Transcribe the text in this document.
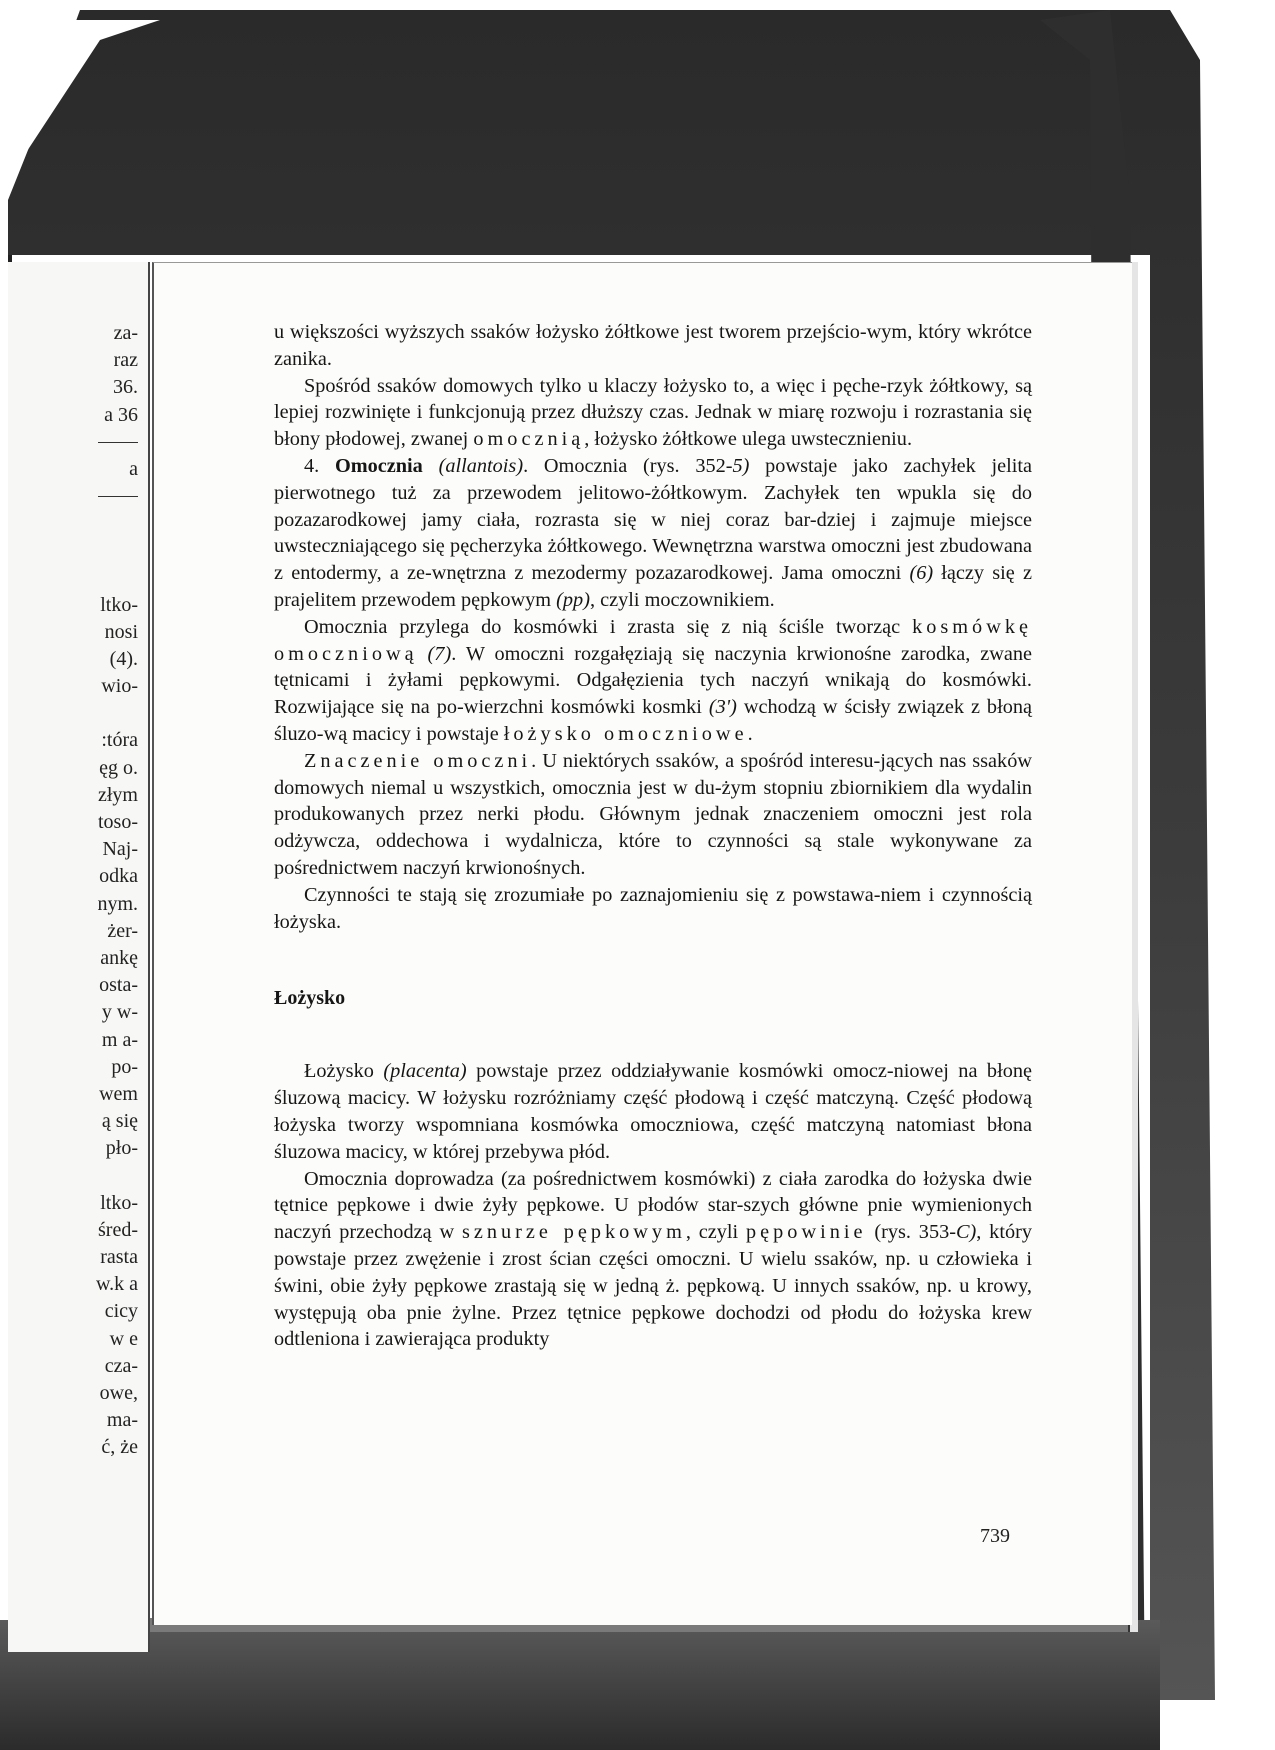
za-
raz
36.
a 36
a
ltko-
nosi
(4).
wio-
:tóra
ęg o.
złym
toso-
Naj-
odka
nym.
żer-
ankę
osta-
y w-
m a-
po-
wem
ą się
pło-
ltko-
śred-
rasta
w.k a
cicy
w e
cza-
owe,
ma-
ć, że

u większości wyższych ssaków łożysko żółtkowe jest tworem przejścio-wym, który wkrótce zanika.

Spośród ssaków domowych tylko u klaczy łożysko to, a więc i pęche-rzyk żółtkowy, są lepiej rozwinięte i funkcjonują przez dłuższy czas. Jednak w miarę rozwoju i rozrastania się błony płodowej, zwanej omocznią, łożysko żółtkowe ulega uwstecznieniu.

4. Omocznia (allantois). Omocznia (rys. 352-5) powstaje jako zachyłek jelita pierwotnego tuż za przewodem jelitowo-żółtkowym. Zachyłek ten wpukla się do pozazarodkowej jamy ciała, rozrasta się w niej coraz bar-dziej i zajmuje miejsce uwsteczniającego się pęcherzyka żółtkowego. Wewnętrzna warstwa omoczni jest zbudowana z entodermy, a ze-wnętrzna z mezodermy pozazarodkowej. Jama omoczni (6) łączy się z prajelitem przewodem pępkowym (pp), czyli moczownikiem.

Omocznia przylega do kosmówki i zrasta się z nią ściśle tworząc kosmówkę omoczniową (7). W omoczni rozgałęziają się naczynia krwionośne zarodka, zwane tętnicami i żyłami pępkowymi. Odgałęzienia tych naczyń wnikają do kosmówki. Rozwijające się na po-wierzchni kosmówki kosmki (3') wchodzą w ścisły związek z błoną śluzo-wą macicy i powstaje łożysko omoczniowe.

Znaczenie omoczni. U niektórych ssaków, a spośród interesu-jących nas ssaków domowych niemal u wszystkich, omocznia jest w du-żym stopniu zbiornikiem dla wydalin produkowanych przez nerki płodu. Głównym jednak znaczeniem omoczni jest rola odżywcza, oddechowa i wydalnicza, które to czynności są stale wykonywane za pośrednictwem naczyń krwionośnych.

Czynności te stają się zrozumiałe po zaznajomieniu się z powstawa-niem i czynnością łożyska.

Łożysko

Łożysko (placenta) powstaje przez oddziaływanie kosmówki omocz-niowej na błonę śluzową macicy. W łożysku rozróżniamy część płodową i część matczyną. Część płodową łożyska tworzy wspomniana kosmówka omoczniowa, część matczyną natomiast błona śluzowa macicy, w której przebywa płód.

Omocznia doprowadza (za pośrednictwem kosmówki) z ciała zarodka do łożyska dwie tętnice pępkowe i dwie żyły pępkowe. U płodów star-szych główne pnie wymienionych naczyń przechodzą w sznurze pępkowym, czyli pępowinie (rys. 353-C), który powstaje przez zwężenie i zrost ścian części omoczni. U wielu ssaków, np. u człowieka i świni, obie żyły pępkowe zrastają się w jedną ż. pępkową. U innych ssaków, np. u krowy, występują oba pnie żylne. Przez tętnice pępkowe dochodzi od płodu do łożyska krew odtleniona i zawierająca produkty

739
